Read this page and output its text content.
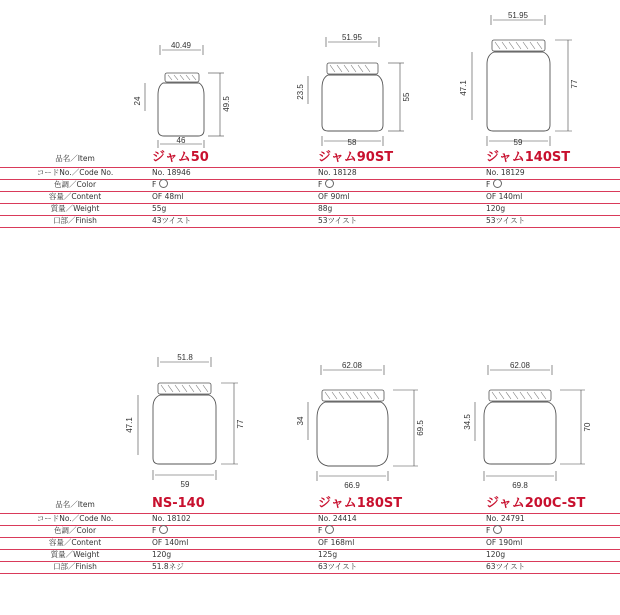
40.49
24	49.5
46
51.95
23.5	55
58
51.95
47.1	77
59
品名／Item	ジャム50	ジャム90ST	ジャム140ST
コードNo.／Code No.	No. 18946	No. 18128	No. 18129
色調／Color	F	F	F
容量／Content	OF 48ml	OF 90ml	OF 140ml
質量／Weight	55g	88g	120g
口部／Finish	43ツイスト	53ツイスト	53ツイスト
51.8
47.1	77
59
62.08
34	69.5
66.9
62.08
34.5	70
69.8
品名／Item	NS-140	ジャム180ST	ジャム200C-ST
コードNo.／Code No.	No. 18102	No. 24414	No. 24791
色調／Color	F	F	F
容量／Content	OF 140ml	OF 168ml	OF 190ml
質量／Weight	120g	125g	120g
口部／Finish	51.8ネジ	63ツイスト	63ツイスト
